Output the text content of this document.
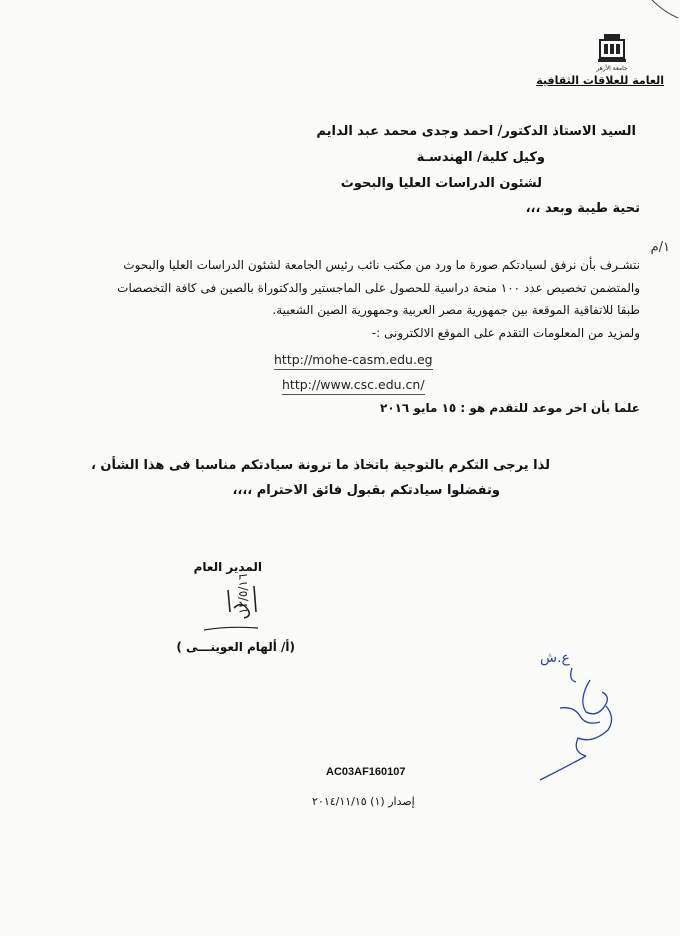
جامعة الأزهر
العامة للعلاقات الثقافية
السيد الاستاذ الدكتور/ احمد وجدى محمد عبد الدايم
وكيل كلية/ الهندسـة
لشئون الدراسات العليا والبحوث
تحية طيبة وبعد ،،،
١/م
نتشـرف بأن نرفق لسيادتكم صورة ما ورد من مكتب نائب رئيس الجامعة لشئون الدراسات العليا والبحوث
والمتضمن تخصيص عدد ١٠٠ منحة دراسية للحصول على الماجستير والدكتوراة بالصين فى كافة التخصصات
طبقا للاتفاقية الموقعة بين جمهورية مصر العربية وجمهورية الصين الشعبية.
ولمزيد من المعلومات التقدم على الموقع الالكترونى :-
http://mohe-casm.edu.eg
http://www.csc.edu.cn/
علما بأن اخر موعد للتقدم هو : ١٥ مايو ٢٠١٦
لذا يرجى التكرم بالتوجية باتخاذ ما ترونة سيادتكم مناسبا فى هذا الشأن ،
وتفضلوا سيادتكم بقبول فائق الاحترام ،،،،
المدير العام
١٢/٥/١٦
(أ/ ألهام العوينـــى )
ع.ش
AC03AF160107
إصدار (١) ٢٠١٤/١١/١٥
